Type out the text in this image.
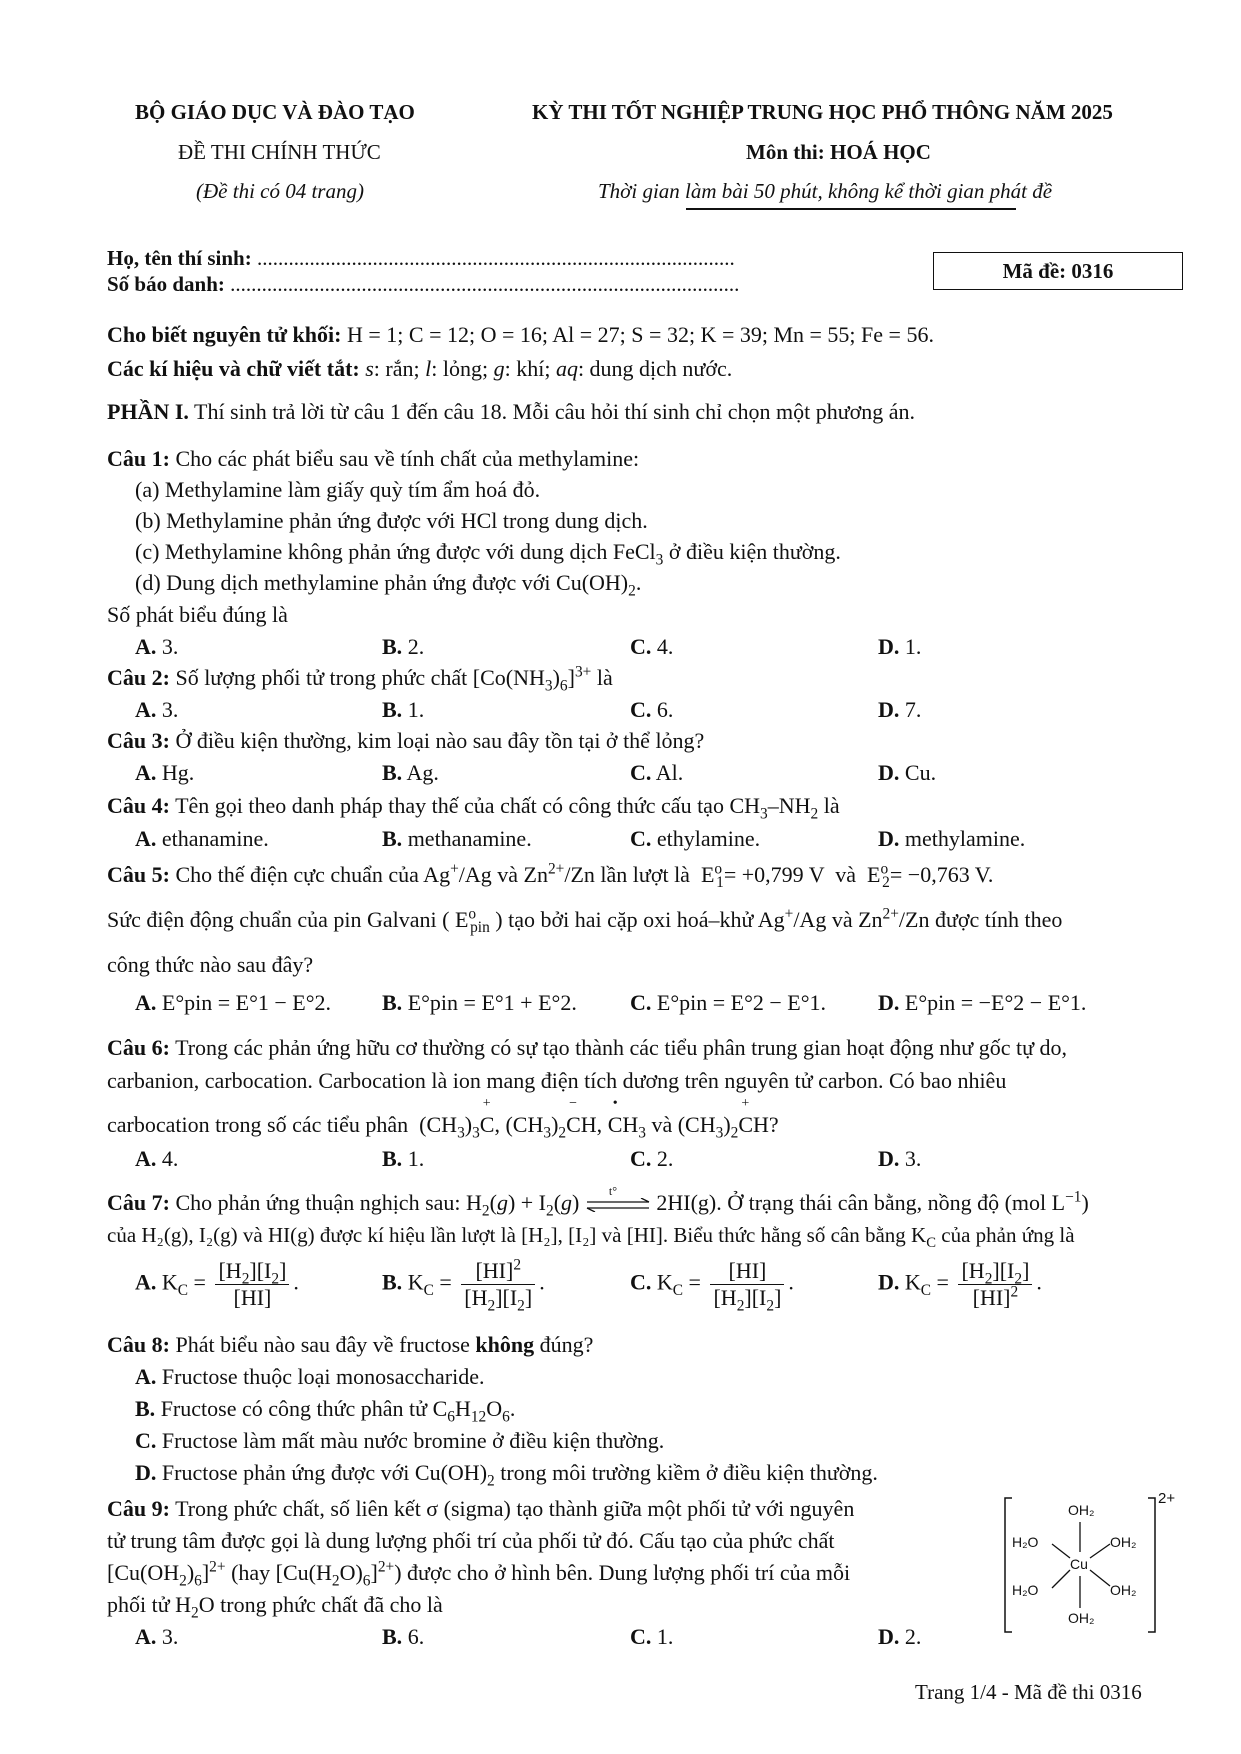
BỘ GIÁO DỤC VÀ ĐÀO TẠO
ĐỀ THI CHÍNH THỨC
(Đề thi có 04 trang)
KỲ THI TỐT NGHIỆP TRUNG HỌC PHỔ THÔNG NĂM 2025
Môn thi: HOÁ HỌC
Thời gian làm bài 50 phút, không kể thời gian phát đề
Họ, tên thí sinh: ...........................................................................................
Số báo danh: .................................................................................................
Mã đề: 0316
Cho biết nguyên tử khối: H = 1; C = 12; O = 16; Al = 27; S = 32; K = 39; Mn = 55; Fe = 56.
Các kí hiệu và chữ viết tắt: s: rắn; l: lỏng; g: khí; aq: dung dịch nước.
PHẦN I. Thí sinh trả lời từ câu 1 đến câu 18. Mỗi câu hỏi thí sinh chỉ chọn một phương án.
Câu 1: Cho các phát biểu sau về tính chất của methylamine:
(a) Methylamine làm giấy quỳ tím ẩm hoá đỏ.
(b) Methylamine phản ứng được với HCl trong dung dịch.
(c) Methylamine không phản ứng được với dung dịch FeCl$_3$ ở điều kiện thường.
(d) Dung dịch methylamine phản ứng được với $Cu(OH)_2$.
Số phát biểu đúng là
A. 3.	B. 2.	C. 4.	D. 1.
Câu 2: Số lượng phối tử trong phức chất $[Co(NH_3)_6]^{3+}$ là
A. 3.	B. 1.	C. 6.	D. 7.
Câu 3: Ở điều kiện thường, kim loại nào sau đây tồn tại ở thể lỏng?
A. Hg.	B. Ag.	C. Al.	D. Cu.
Câu 4: Tên gọi theo danh pháp thay thế của chất có công thức cấu tạo $CH_3-NH_2$ là
A. ethanamine.	B. methanamine.	C. ethylamine.	D. methylamine.
Câu 5: Cho thế điện cực chuẩn của Ag+/Ag và $Zn^{2+}/Zn$ lần lượt là  $E^o_1= +0,799$ V và  $E^o_2= -0,763$ V.
Sức điện động chuẩn của pin Galvani ( $E^o_{pin}$ ) tạo bởi hai cặp oxi hoá–khử Ag+/Ag và $Zn^{2+}/Zn$ được tính theo
công thức nào sau đây?
A. E°pin = E°1 − E°2. B. E°pin = E°1 + E°2. C. E°pin = E°2 − E°1. D. E°pin = −E°2 − E°1.
Câu 6: Trong các phản ứng hữu cơ thường có sự tạo thành các tiểu phân trung gian hoạt động như gốc tự do,
carbanion, carbocation. Carbocation là ion mang điện tích dương trên nguyên tử carbon. Có bao nhiêu
carbocation trong số các tiểu phân  $(CH_3)_3C$
+
, $(CH_3)_2C$
−
H, C
•
$H_3$ và $(CH_3)_2C$
+
H?
A. 4.	B. 1.	C. 2.	D. 3.
Câu 7: Cho phản ứng thuận nghịch sau: $H_2(g) + I_2(g)$ t° 2HI(g). Ở trạng thái cân bằng, nồng độ (mol $L^{-1}$)
của H₂(g), I₂(g) và HI(g) được kí hiệu lần lượt là [H₂], [I₂] và [HI]. Biểu thức hằng số cân bằng $K_C$ của phản ứng là
A. $K_C = \frac{[H_2][I_2]}{[HI]}$ .	B. $K_C = \frac{[HI]^2}{[H_2][I_2]}$ .	C. $K_C = \frac{[HI]}{[H_2][I_2]}$ .	D. $K_C = \frac{[H_2][I_2]}{[HI]^2}$ .
Câu 8: Phát biểu nào sau đây về fructose không đúng?
A. Fructose thuộc loại monosaccharide.
B. Fructose có công thức phân tử $C_6H_{12}O_6$.
C. Fructose làm mất màu nước bromine ở điều kiện thường.
D. Fructose phản ứng được với $Cu(OH)_2$ trong môi trường kiềm ở điều kiện thường.
Câu 9: Trong phức chất, số liên kết σ (sigma) tạo thành giữa một phối tử với nguyên
tử trung tâm được gọi là dung lượng phối trí của phối tử đó. Cấu tạo của phức chất
$[Cu(OH_2)_6]^{2+}$ (hay $[Cu(H_2O)_6]^{2+}$) được cho ở hình bên. Dung lượng phối trí của mỗi
phối tử $H_2O$ trong phức chất đã cho là
A. 3.	B. 6.	C. 1.	D. 2.
OH₂
H₂O	OH₂
Cu
H₂O	OH₂
OH₂
2+
Trang 1/4 - Mã đề thi 0316
